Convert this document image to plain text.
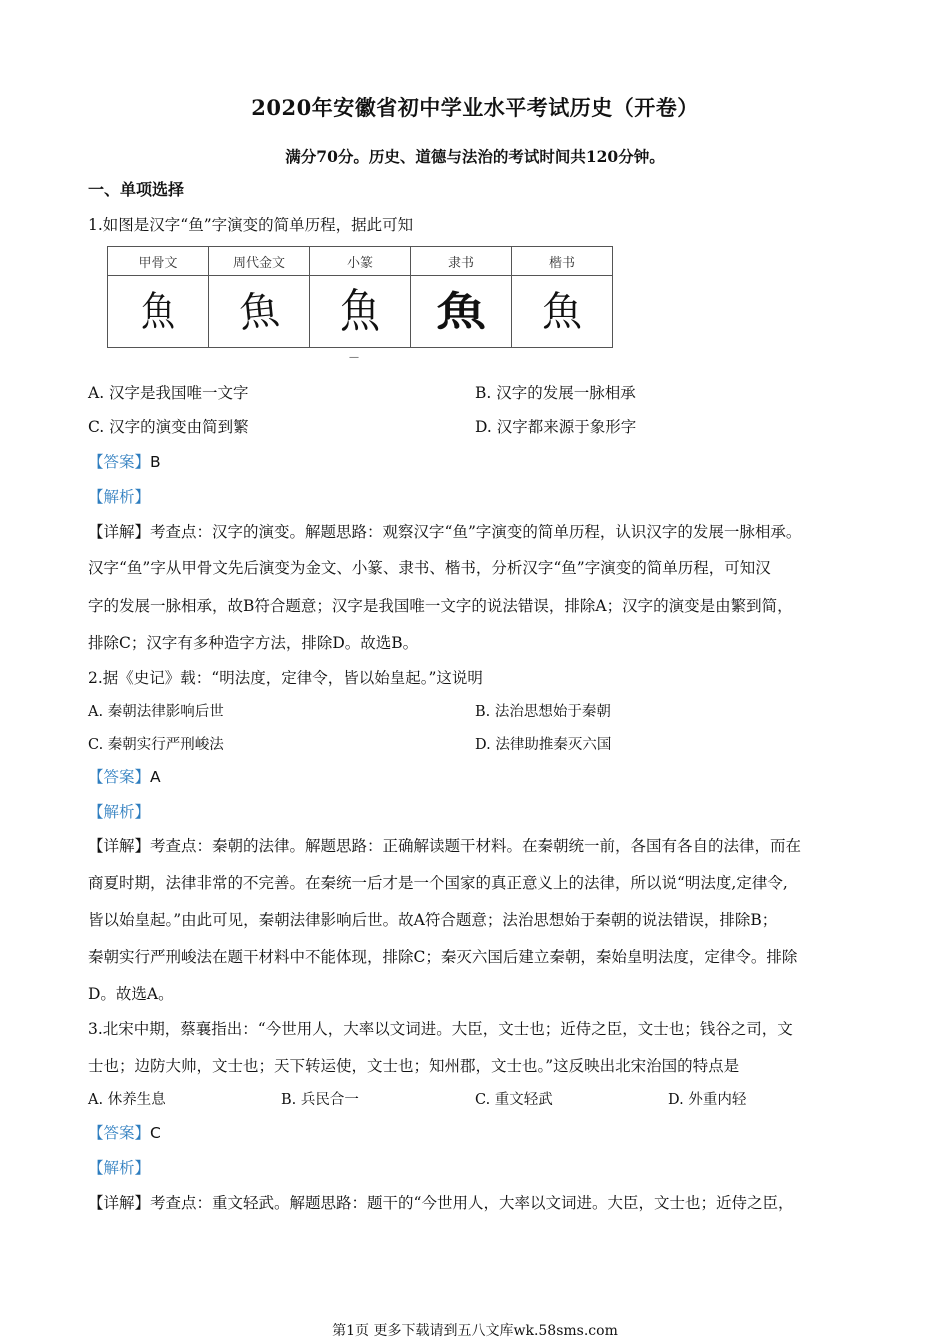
2020年安徽省初中学业水平考试历史（开卷）
满分70分。历史、道德与法治的考试时间共120分钟。
一、单项选择
1.如图是汉字“鱼”字演变的简单历程，据此可知
甲骨文	周代金文	小篆	隶书	楷书
魚	魚	魚	魚	魚
—
A. 汉字是我国唯一文字	B. 汉字的发展一脉相承
C. 汉字的演变由简到繁	D. 汉字都来源于象形字
【答案】B
【解析】
【详解】考查点：汉字的演变。解题思路：观察汉字“鱼”字演变的简单历程，认识汉字的发展一脉相承。
汉字“鱼”字从甲骨文先后演变为金文、小篆、隶书、楷书，分析汉字“鱼”字演变的简单历程，可知汉
字的发展一脉相承，故B符合题意；汉字是我国唯一文字的说法错误，排除A；汉字的演变是由繁到简，
排除C；汉字有多种造字方法，排除D。故选B。
2.据《史记》载：“明法度，定律令，皆以始皇起。”这说明
A. 秦朝法律影响后世	B. 法治思想始于秦朝
C. 秦朝实行严刑峻法	D. 法律助推秦灭六国
【答案】A
【解析】
【详解】考查点：秦朝的法律。解题思路：正确解读题干材料。在秦朝统一前，各国有各自的法律，而在
商夏时期，法律非常的不完善。在秦统一后才是一个国家的真正意义上的法律，所以说“明法度,定律令,
皆以始皇起。”由此可见，秦朝法律影响后世。故A符合题意；法治思想始于秦朝的说法错误，排除B；
秦朝实行严刑峻法在题干材料中不能体现，排除C；秦灭六国后建立秦朝，秦始皇明法度，定律令。排除
D。故选A。
3.北宋中期，蔡襄指出：“今世用人，大率以文词进。大臣，文士也；近侍之臣，文士也；钱谷之司，文
士也；边防大帅，文士也；天下转运使，文士也；知州郡，文士也。”这反映出北宋治国的特点是
A. 休养生息	B. 兵民合一	C. 重文轻武	D. 外重内轻
【答案】C
【解析】
【详解】考查点：重文轻武。解题思路：题干的“今世用人，大率以文词进。大臣，文士也；近侍之臣，
第1页 更多下载请到五八文库wk.58sms.com
